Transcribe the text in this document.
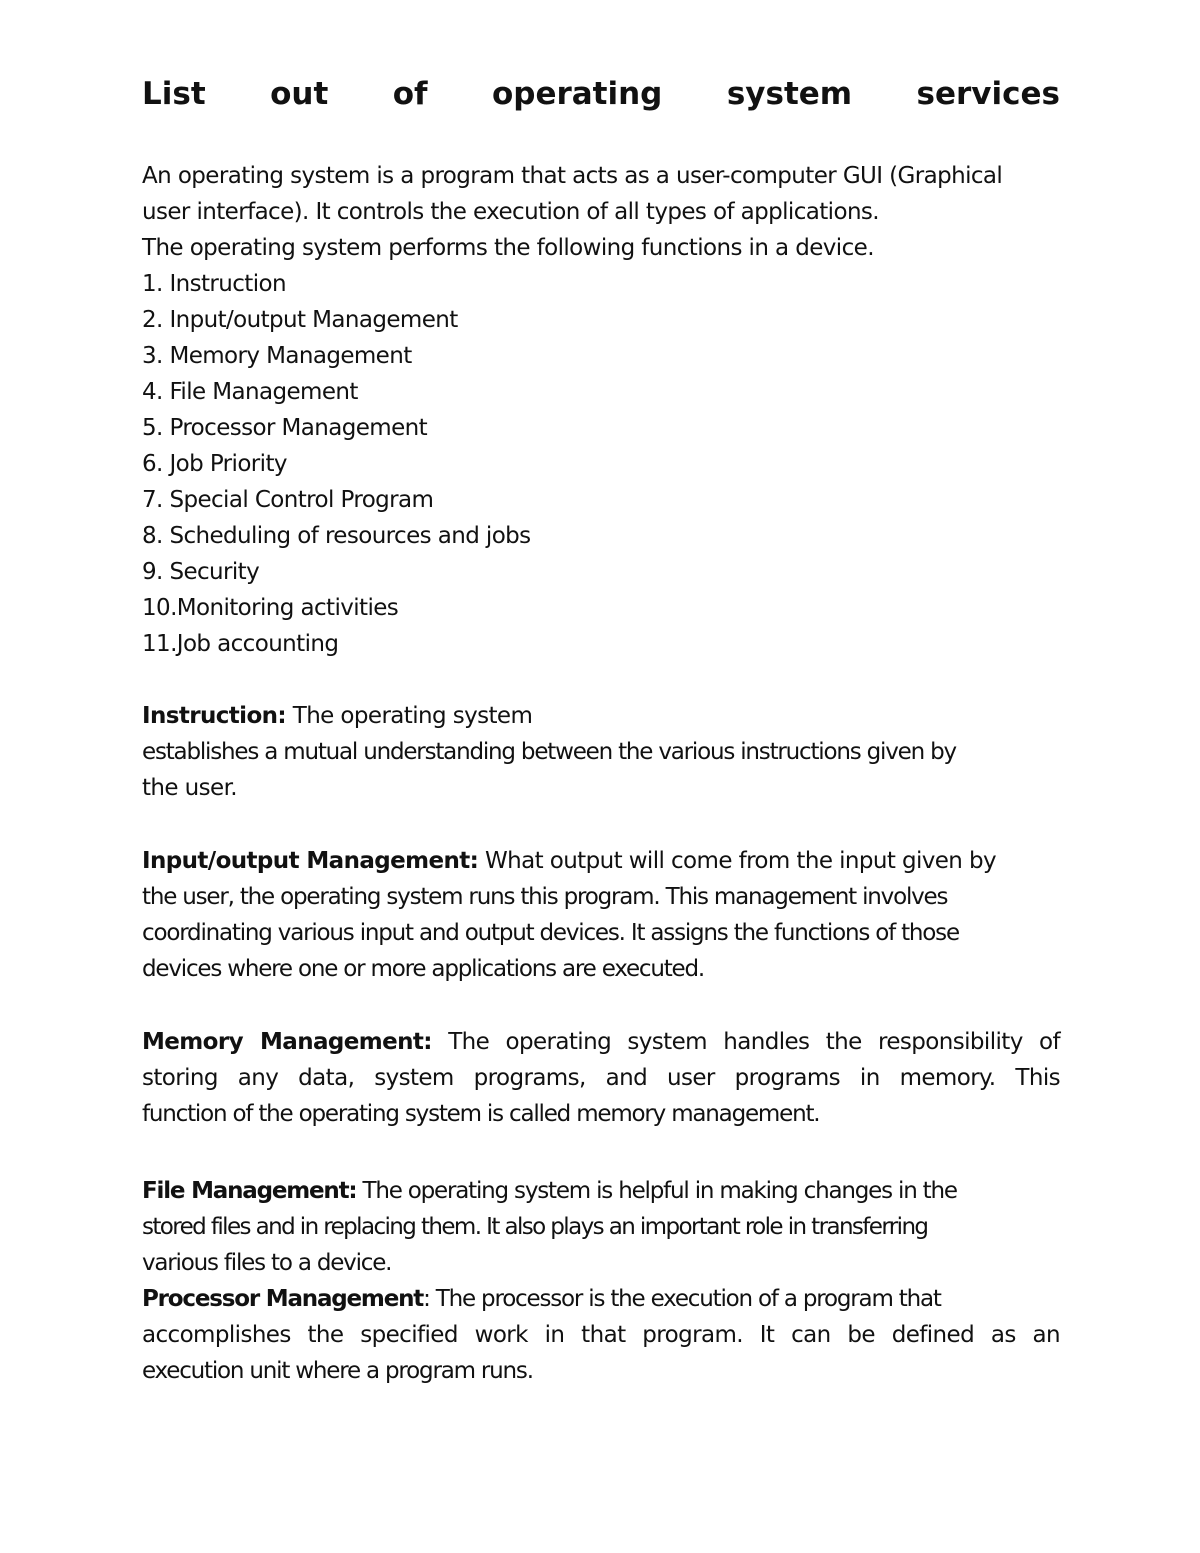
List out of operating system services
An operating system is a program that acts as a user-computer GUI (Graphical
user interface). It controls the execution of all types of applications.
The operating system performs the following functions in a device.
1. Instruction
2. Input/output Management
3. Memory Management
4. File Management
5. Processor Management
6. Job Priority
7. Special Control Program
8. Scheduling of resources and jobs
9. Security
10.Monitoring activities
11.Job accounting
Instruction: The operating system
establishes a mutual understanding between the various instructions given by
the user.
Input/output Management: What output will come from the input given by
the user, the operating system runs this program. This management involves
coordinating various input and output devices. It assigns the functions of those
devices where one or more applications are executed.
Memory Management: The operating system handles the responsibility of
storing any data, system programs, and user programs in memory. This
function of the operating system is called memory management.
File Management: The operating system is helpful in making changes in the
stored files and in replacing them. It also plays an important role in transferring
various files to a device.
Processor Management: The processor is the execution of a program that
accomplishes the specified work in that program. It can be defined as an
execution unit where a program runs.
